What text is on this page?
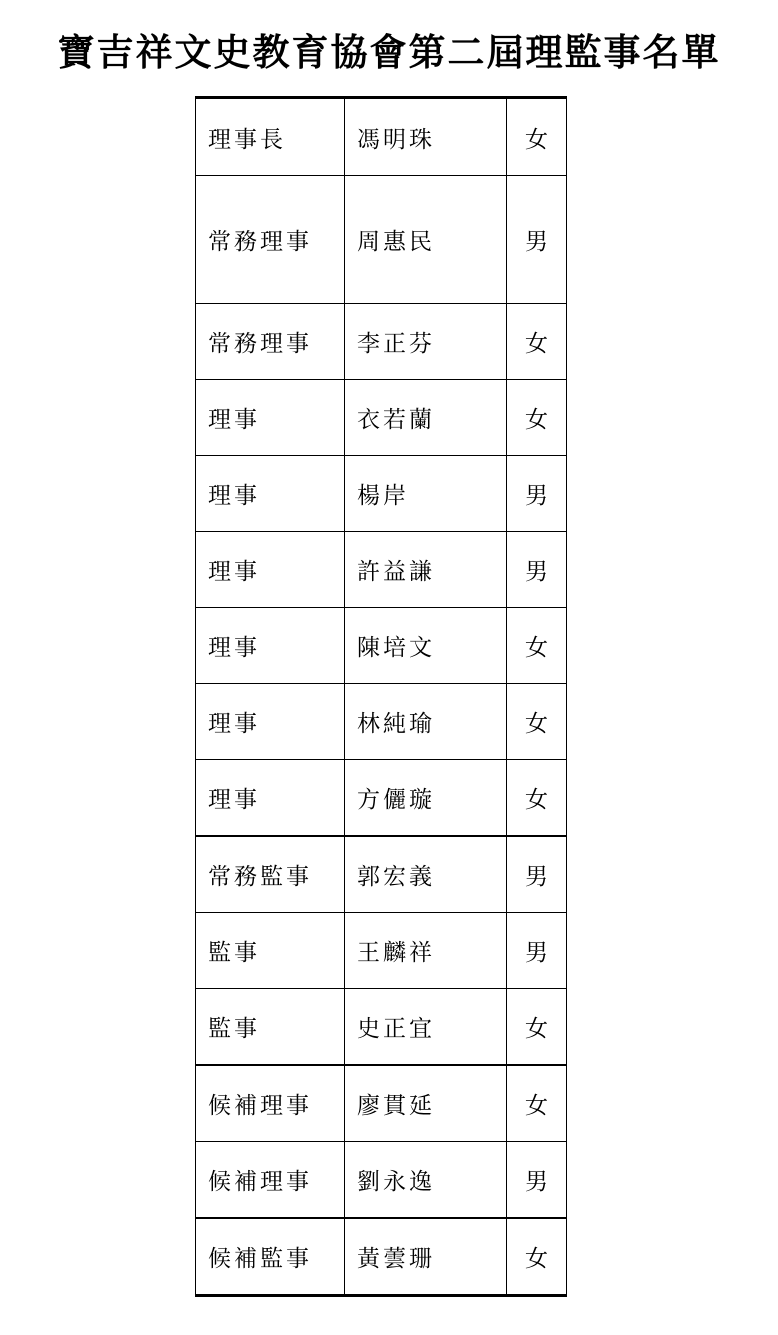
寶吉祥文史教育協會第二屆理監事名單
理事長	馮明珠	女
常務理事	周惠民	男
常務理事	李正芬	女
理事	衣若蘭	女
理事	楊岸	男
理事	許益謙	男
理事	陳培文	女
理事	林純瑜	女
理事	方儷璇	女
常務監事	郭宏義	男
監事	王麟祥	男
監事	史正宜	女
候補理事	廖貫延	女
候補理事	劉永逸	男
候補監事	黃蕓珊	女
